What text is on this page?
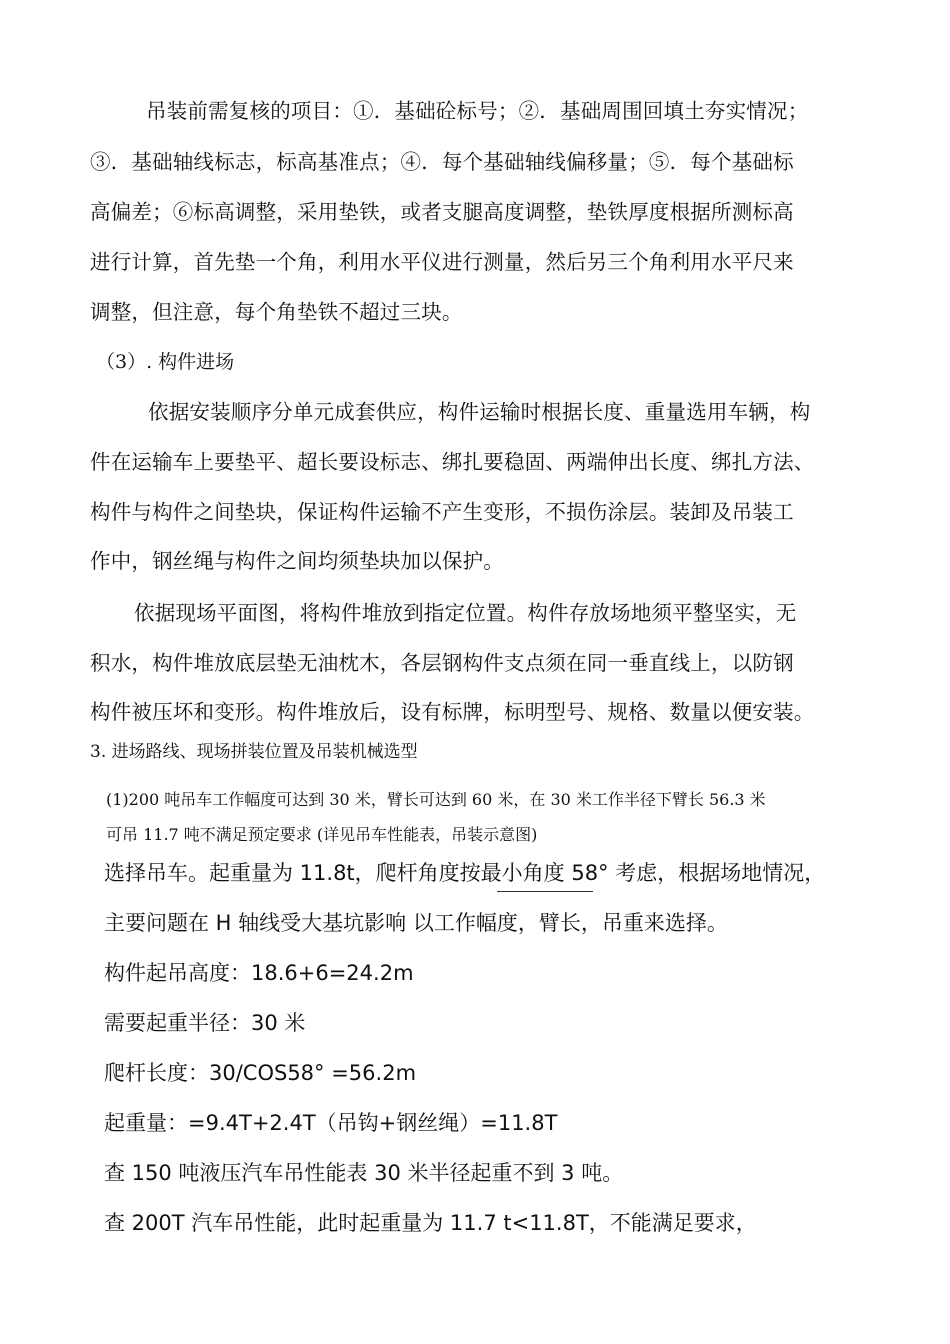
吊装前需复核的项目：①．基础砼标号；②．基础周围回填土夯实情况；
③．基础轴线标志，标高基准点；④．每个基础轴线偏移量；⑤．每个基础标
高偏差；⑥标高调整，采用垫铁，或者支腿高度调整，垫铁厚度根据所测标高
进行计算，首先垫一个角，利用水平仪进行测量，然后另三个角利用水平尺来
调整，但注意，每个角垫铁不超过三块。
（3）. 构件进场
依据安装顺序分单元成套供应，构件运输时根据长度、重量选用车辆，构
件在运输车上要垫平、超长要设标志、绑扎要稳固、两端伸出长度、绑扎方法、
构件与构件之间垫块，保证构件运输不产生变形，不损伤涂层。装卸及吊装工
作中，钢丝绳与构件之间均须垫块加以保护。
依据现场平面图，将构件堆放到指定位置。构件存放场地须平整坚实，无
积水，构件堆放底层垫无油枕木，各层钢构件支点须在同一垂直线上，以防钢
构件被压坏和变形。构件堆放后，设有标牌，标明型号、规格、数量以便安装。
3. 进场路线、现场拼装位置及吊装机械选型
(1)200 吨吊车工作幅度可达到 30 米，臂长可达到 60 米，在 30 米工作半径下臂长 56.3 米
可吊 11.7 吨不满足预定要求 (详见吊车性能表，吊装示意图)
选择吊车。起重量为 11.8t，爬杆角度按最小角度 58° 考虑，根据场地情况，
主要问题在 H 轴线受大基坑影响 以工作幅度，臂长，吊重来选择。
构件起吊高度：18.6+6=24.2m
需要起重半径：30 米
爬杆长度：30/COS58° =56.2m
起重量：=9.4T+2.4T（吊钩+钢丝绳）=11.8T
查 150 吨液压汽车吊性能表 30 米半径起重不到 3 吨。
查 200T 汽车吊性能，此时起重量为 11.7 t<11.8T，不能满足要求，
